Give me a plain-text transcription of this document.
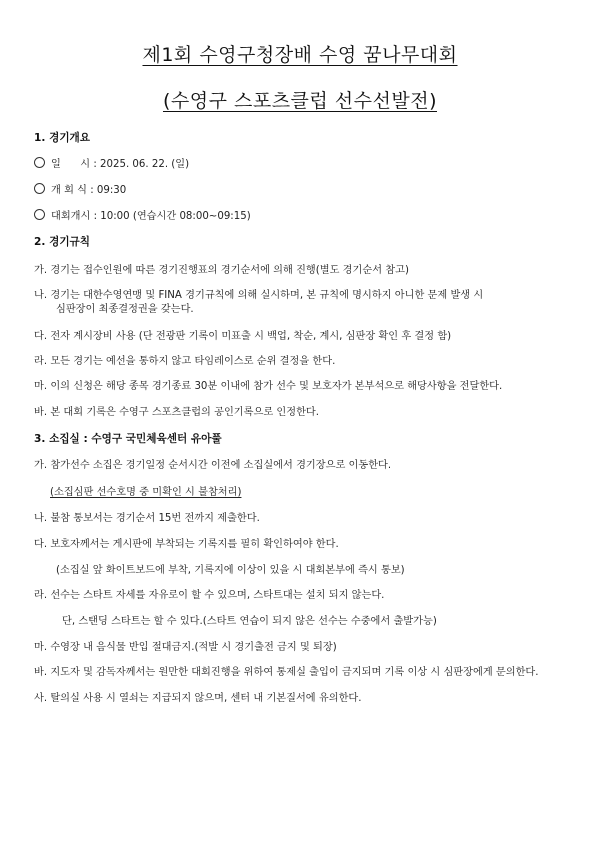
제1회 수영구청장배 수영 꿈나무대회
(수영구 스포츠클럽 선수선발전)
1. 경기개요
일      시 : 2025. 06. 22. (일)
개 회 식 : 09:30
대회개시 : 10:00 (연습시간 08:00~09:15)
2. 경기규칙
가. 경기는 접수인원에 따른 경기진행표의 경기순서에 의해 진행(별도 경기순서 참고)
나. 경기는 대한수영연맹 및 FINA 경기규칙에 의해 실시하며, 본 규칙에 명시하지 아니한 문제 발생 시
심판장이 최종결정권을 갖는다.
다. 전자 계시장비 사용 (단 전광판 기록이 미표출 시 백업, 착순, 계시, 심판장 확인 후 결정 함)
라. 모든 경기는 예선을 통하지 않고 타임레이스로 순위 결정을 한다.
마. 이의 신청은 해당 종목 경기종료 30분 이내에 참가 선수 및 보호자가 본부석으로 해당사항을 전달한다.
바. 본 대회 기록은 수영구 스포츠클럽의 공인기록으로 인정한다.
3. 소집실 : 수영구 국민체육센터 유아풀
가. 참가선수 소집은 경기일정 순서시간 이전에 소집실에서 경기장으로 이동한다.
(소집심판 선수호명 중 미확인 시 불참처리)
나. 불참 통보서는 경기순서 15번 전까지 제출한다.
다. 보호자께서는 게시판에 부착되는 기록지를 필히 확인하여야 한다.
(소집실 앞 화이트보드에 부착, 기록지에 이상이 있을 시 대회본부에 즉시 통보)
라. 선수는 스타트 자세를 자유로이 할 수 있으며, 스타트대는 설치 되지 않는다.
단, 스탠딩 스타트는 할 수 있다.(스타트 연습이 되지 않은 선수는 수중에서 출발가능)
마. 수영장 내 음식물 반입 절대금지.(적발 시 경기출전 금지 및 퇴장)
바. 지도자 및 감독자께서는 원만한 대회진행을 위하여 통제실 출입이 금지되며 기록 이상 시 심판장에게 문의한다.
사. 탈의실 사용 시 열쇠는 지급되지 않으며, 센터 내 기본질서에 유의한다.
